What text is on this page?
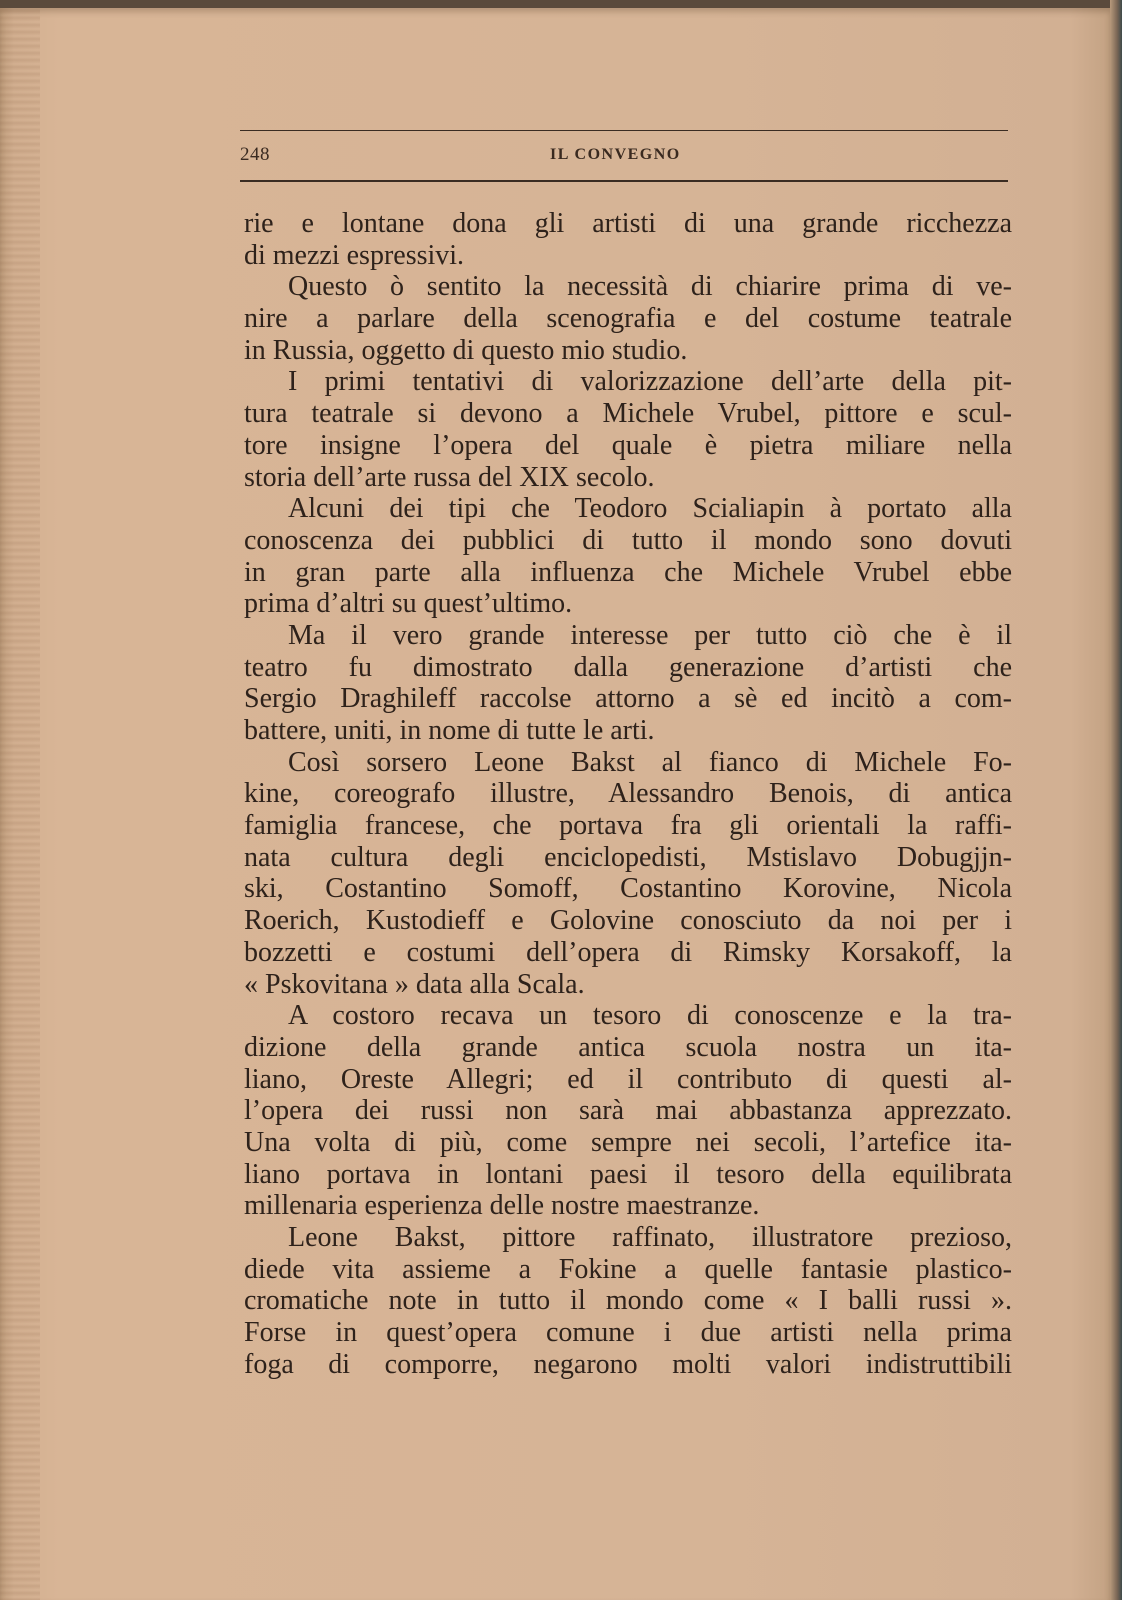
248	IL CONVEGNO
rie e lontane dona gli artisti di una grande ricchezza
di mezzi espressivi.
Questo ò sentito la necessità di chiarire prima di ve-
nire a parlare della scenografia e del costume teatrale
in Russia, oggetto di questo mio studio.
I primi tentativi di valorizzazione dell’arte della pit-
tura teatrale si devono a Michele Vrubel, pittore e scul-
tore insigne l’opera del quale è pietra miliare nella
storia dell’arte russa del XIX secolo.
Alcuni dei tipi che Teodoro Scialiapin à portato alla
conoscenza dei pubblici di tutto il mondo sono dovuti
in gran parte alla influenza che Michele Vrubel ebbe
prima d’altri su quest’ultimo.
Ma il vero grande interesse per tutto ciò che è il
teatro fu dimostrato dalla generazione d’artisti che
Sergio Draghileff raccolse attorno a sè ed incitò a com-
battere, uniti, in nome di tutte le arti.
Così sorsero Leone Bakst al fianco di Michele Fo-
kine, coreografo illustre, Alessandro Benois, di antica
famiglia francese, che portava fra gli orientali la raffi-
nata cultura degli enciclopedisti, Mstislavo Dobugjjn-
ski, Costantino Somoff, Costantino Korovine, Nicola
Roerich, Kustodieff e Golovine conosciuto da noi per i
bozzetti e costumi dell’opera di Rimsky Korsakoff, la
« Pskovitana » data alla Scala.
A costoro recava un tesoro di conoscenze e la tra-
dizione della grande antica scuola nostra un ita-
liano, Oreste Allegri; ed il contributo di questi al-
l’opera dei russi non sarà mai abbastanza apprezzato.
Una volta di più, come sempre nei secoli, l’artefice ita-
liano portava in lontani paesi il tesoro della equilibrata
millenaria esperienza delle nostre maestranze.
Leone Bakst, pittore raffinato, illustratore prezioso,
diede vita assieme a Fokine a quelle fantasie plastico-
cromatiche note in tutto il mondo come « I balli russi ».
Forse in quest’opera comune i due artisti nella prima
foga di comporre, negarono molti valori indistruttibili
